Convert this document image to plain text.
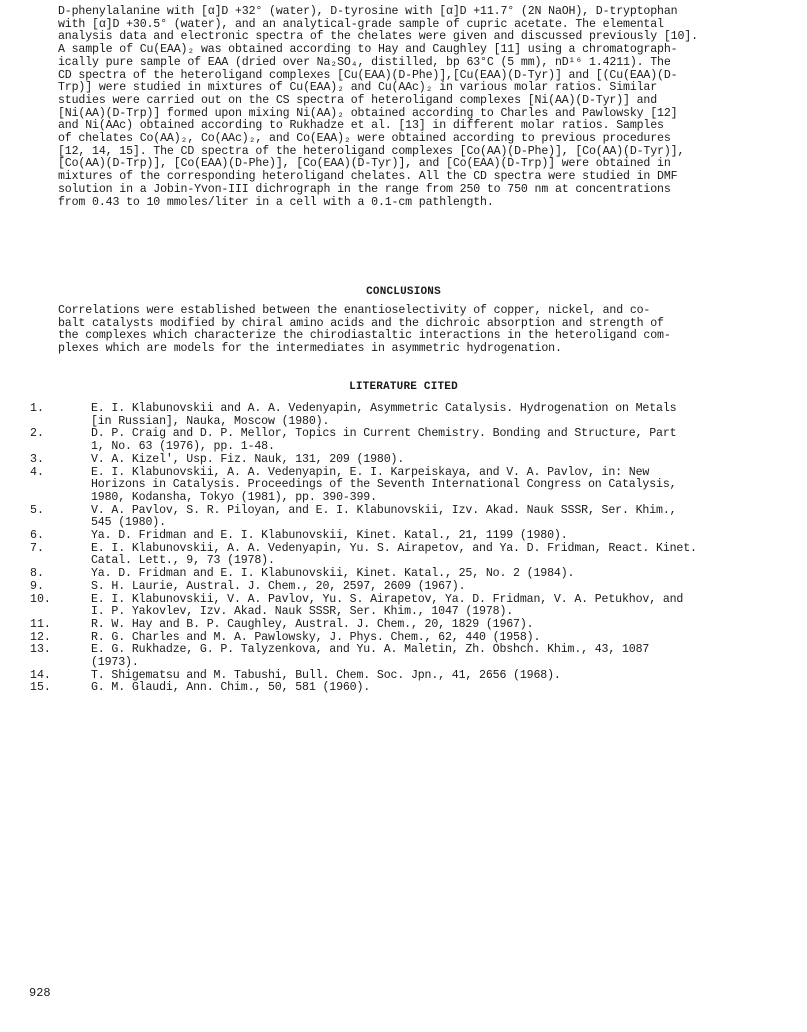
D-phenylalanine with [α]D +32° (water), D-tyrosine with [α]D +11.7° (2N NaOH), D-tryptophan
with [α]D +30.5° (water), and an analytical-grade sample of cupric acetate. The elemental
analysis data and electronic spectra of the chelates were given and discussed previously [10].
A sample of Cu(EAA)₂ was obtained according to Hay and Caughley [11] using a chromatograph-
ically pure sample of EAA (dried over Na₂SO₄, distilled, bp 63°C (5 mm), nD¹⁶ 1.4211). The
CD spectra of the heteroligand complexes [Cu(EAA)(D-Phe)],[Cu(EAA)(D-Tyr)] and [(Cu(EAA)(D-
Trp)] were studied in mixtures of Cu(EAA)₂ and Cu(AAc)₂ in various molar ratios. Similar
studies were carried out on the CS spectra of heteroligand complexes [Ni(AA)(D-Tyr)] and
[Ni(AA)(D-Trp)] formed upon mixing Ni(AA)₂ obtained according to Charles and Pawlowsky [12]
and Ni(AAc) obtained according to Rukhadze et al. [13] in different molar ratios. Samples
of chelates Co(AA)₂, Co(AAc)₂, and Co(EAA)₂ were obtained according to previous procedures
[12, 14, 15]. The CD spectra of the heteroligand complexes [Co(AA)(D-Phe)], [Co(AA)(D-Tyr)],
[Co(AA)(D-Trp)], [Co(EAA)(D-Phe)], [Co(EAA)(D-Tyr)], and [Co(EAA)(D-Trp)] were obtained in
mixtures of the corresponding heteroligand chelates. All the CD spectra were studied in DMF
solution in a Jobin-Yvon-III dichrograph in the range from 250 to 750 nm at concentrations
from 0.43 to 10 mmoles/liter in a cell with a 0.1-cm pathlength.

CONCLUSIONS

Correlations were established between the enantioselectivity of copper, nickel, and co-
balt catalysts modified by chiral amino acids and the dichroic absorption and strength of
the complexes which characterize the chirodiastaltic interactions in the heteroligand com-
plexes which are models for the intermediates in asymmetric hydrogenation.

LITERATURE CITED
1.	E. I. Klabunovskii and A. A. Vedenyapin, Asymmetric Catalysis. Hydrogenation on Metals
[in Russian], Nauka, Moscow (1980).
2.	D. P. Craig and D. P. Mellor, Topics in Current Chemistry. Bonding and Structure, Part
1, No. 63 (1976), pp. 1-48.
3.	V. A. Kizel', Usp. Fiz. Nauk, 131, 209 (1980).
4.	E. I. Klabunovskii, A. A. Vedenyapin, E. I. Karpeiskaya, and V. A. Pavlov, in: New
Horizons in Catalysis. Proceedings of the Seventh International Congress on Catalysis,
1980, Kodansha, Tokyo (1981), pp. 390-399.
5.	V. A. Pavlov, S. R. Piloyan, and E. I. Klabunovskii, Izv. Akad. Nauk SSSR, Ser. Khim.,
545 (1980).
6.	Ya. D. Fridman and E. I. Klabunovskii, Kinet. Katal., 21, 1199 (1980).
7.	E. I. Klabunovskii, A. A. Vedenyapin, Yu. S. Airapetov, and Ya. D. Fridman, React. Kinet.
Catal. Lett., 9, 73 (1978).
8.	Ya. D. Fridman and E. I. Klabunovskii, Kinet. Katal., 25, No. 2 (1984).
9.	S. H. Laurie, Austral. J. Chem., 20, 2597, 2609 (1967).
10.	E. I. Klabunovskii, V. A. Pavlov, Yu. S. Airapetov, Ya. D. Fridman, V. A. Petukhov, and
I. P. Yakovlev, Izv. Akad. Nauk SSSR, Ser. Khim., 1047 (1978).
11.	R. W. Hay and B. P. Caughley, Austral. J. Chem., 20, 1829 (1967).
12.	R. G. Charles and M. A. Pawlowsky, J. Phys. Chem., 62, 440 (1958).
13.	E. G. Rukhadze, G. P. Talyzenkova, and Yu. A. Maletin, Zh. Obshch. Khim., 43, 1087
(1973).
14.	T. Shigematsu and M. Tabushi, Bull. Chem. Soc. Jpn., 41, 2656 (1968).
15.	G. M. Glaudi, Ann. Chim., 50, 581 (1960).
928
